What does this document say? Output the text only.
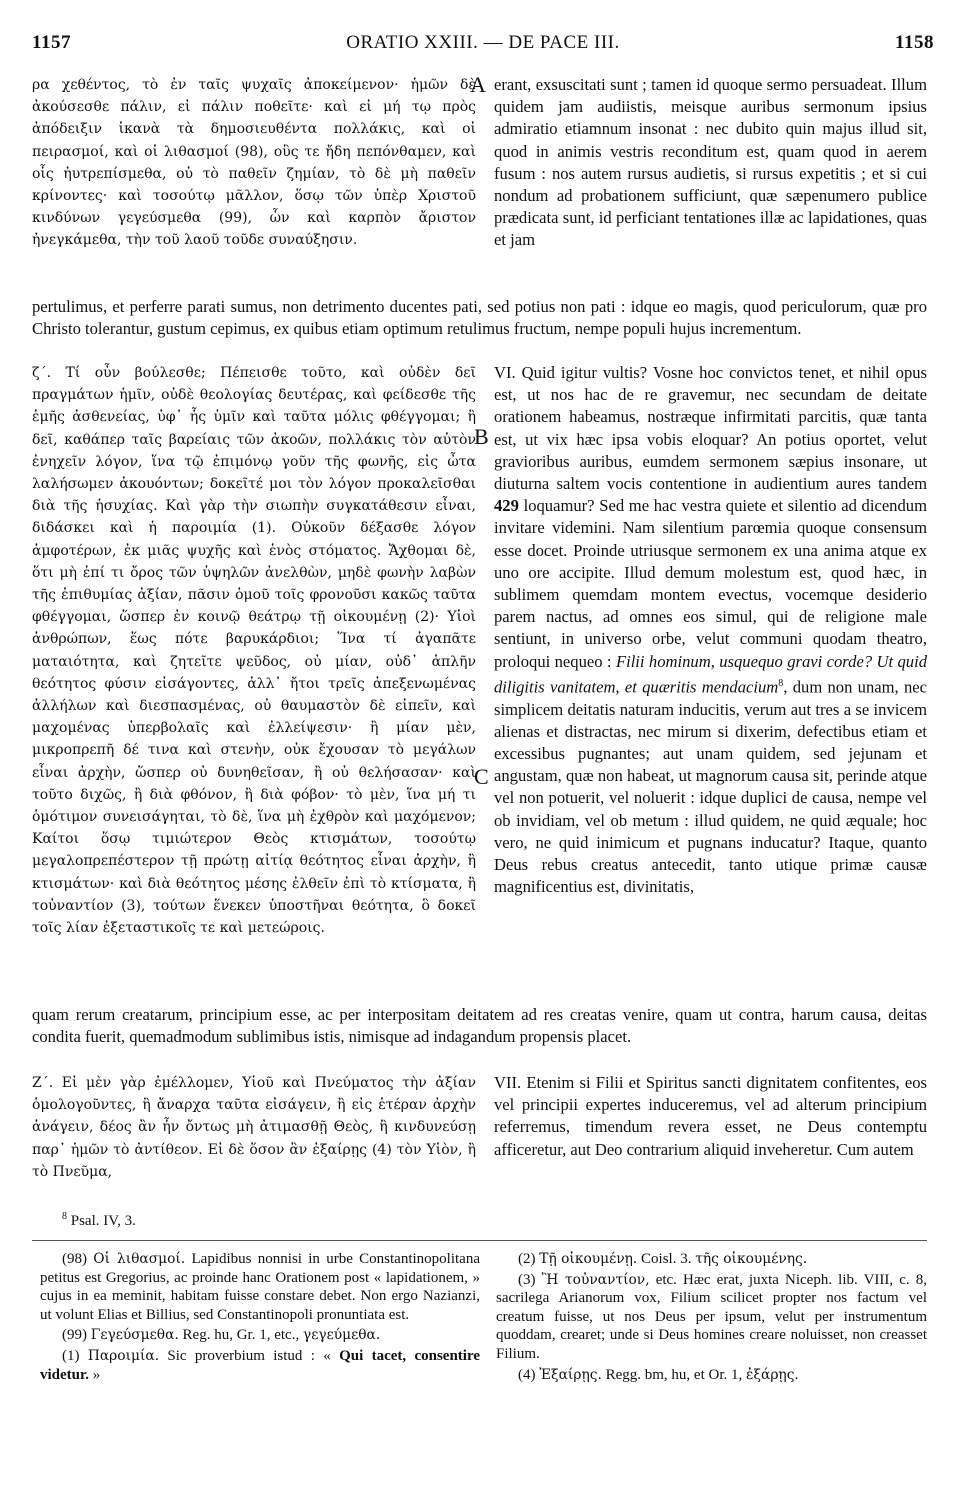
1157	ORATIO XXIII. — DE PACE III.	1158
ρα χεθέντος, τὸ ἐν ταῖς ψυχαῖς ἀποκείμενον· ἡμῶν δὲ ἀκούσεσθε πάλιν, εἰ πάλιν ποθεῖτε· καὶ εἰ μή τῳ πρὸς ἀπόδειξιν ἱκανὰ τὰ δημοσιευθέντα πολλάκις, καὶ οἱ πειρασμοί, καὶ οἱ λιθασμοί (98), οὓς τε ἤδη πεπόνθαμεν, καὶ οἷς ἠυτρεπίσμεθα, οὐ τὸ παθεῖν ζημίαν, τὸ δὲ μὴ παθεῖν κρίνοντες· καὶ τοσούτῳ μᾶλλον, ὅσῳ τῶν ὑπὲρ Χριστοῦ κινδύνων γεγεύσμεθα (99), ὧν καὶ καρπὸν ἄριστον ἠνεγκάμεθα, τὴν τοῦ λαοῦ τοῦδε συναύξησιν.
A erant, exsuscitati sunt ; tamen id quoque sermo persuadeat. Illum quidem jam audiistis, meisque auribus sermonum ipsius admiratio etiamnum insonat : nec dubito quin majus illud sit, quod in animis vestris reconditum est, quam quod in aerem fusum : nos autem rursus audietis, si rursus expetitis ; et si cui nondum ad probationem sufficiunt, quæ sæpenumero publice prædicata sunt, id perficiant tentationes illæ ac lapidationes, quas et jam
pertulimus, et perferre parati sumus, non detrimento ducentes pati, sed potius non pati : idque eo magis, quod periculorum, quæ pro Christo tolerantur, gustum cepimus, ex quibus etiam optimum retulimus fructum, nempe populi hujus incrementum.
ζ΄. Τί οὖν βούλεσθε; Πέπεισθε τοῦτο, καὶ οὐδὲν δεῖ πραγμάτων ἡμῖν, οὐδὲ θεολογίας δευτέρας, καὶ φείδεσθε τῆς ἐμῆς ἀσθενείας, ὑφ᾽ ἧς ὑμῖν καὶ ταῦτα μόλις φθέγγομαι; ἢ δεῖ, καθάπερ ταῖς βαρείαις τῶν ἀκοῶν, πολλάκις τὸν αὐτὸν ἐνηχεῖν λόγον, ἵνα τῷ ἐπιμόνῳ γοῦν τῆς φωνῆς, εἰς ὦτα λαλήσωμεν ἀκουόντων; δοκεῖτέ μοι τὸν λόγον προκαλεῖσθαι διὰ τῆς ἡσυχίας. Καὶ γὰρ τὴν σιωπὴν συγκατάθεσιν εἶναι, διδάσκει καὶ ἡ παροιμία (1). Οὐκοῦν δέξασθε λόγον ἀμφοτέρων, ἐκ μιᾶς ψυχῆς καὶ ἑνὸς στόματος. Ἄχθομαι δὲ, ὅτι μὴ ἐπί τι ὄρος τῶν ὑψηλῶν ἀνελθὼν, μηδὲ φωνὴν λαβὼν τῆς ἐπιθυμίας ἀξίαν, πᾶσιν ὁμοῦ τοῖς φρονοῦσι κακῶς ταῦτα φθέγγομαι, ὥσπερ ἐν κοινῷ θεάτρῳ τῇ οἰκουμένῃ (2)· Υἱοὶ ἀνθρώπων, ἕως πότε βαρυκάρδιοι; Ἵνα τί ἀγαπᾶτε ματαιότητα, καὶ ζητεῖτε ψεῦδος, οὐ μίαν, οὐδ᾽ ἁπλῆν θεότητος φύσιν εἰσάγοντες, ἀλλ᾽ ἤτοι τρεῖς ἀπεξενωμένας ἀλλήλων καὶ διεσπασμένας, οὐ θαυμαστὸν δὲ εἰπεῖν, καὶ μαχομένας ὑπερβολαῖς καὶ ἐλλείψεσιν· ἢ μίαν μὲν, μικροπρεπῆ δέ τινα καὶ στενὴν, οὐκ ἔχουσαν τὸ μεγάλων εἶναι ἀρχὴν, ὥσπερ οὐ δυνηθεῖσαν, ἢ οὐ θελήσασαν· καὶ τοῦτο διχῶς, ἢ διὰ φθόνον, ἢ διὰ φόβον· τὸ μὲν, ἵνα μή τι ὁμότιμον συνεισάγηται, τὸ δὲ, ἵνα μὴ ἐχθρὸν καὶ μαχόμενον; Καίτοι ὅσῳ τιμιώτερον Θεὸς κτισμάτων, τοσούτῳ μεγαλοπρεπέστερον τῇ πρώτῃ αἰτίᾳ θεότητος εἶναι ἀρχὴν, ἢ κτισμάτων· καὶ διὰ θεότητος μέσης ἐλθεῖν ἐπὶ τὸ κτίσματα, ἢ τοὐναντίον (3), τούτων ἕνεκεν ὑποστῆναι θεότητα, ὃ δοκεῖ τοῖς λίαν ἐξεταστικοῖς τε καὶ μετεώροις.
B
C
VI. Quid igitur vultis? Vosne hoc convictos tenet, et nihil opus est, ut nos hac de re gravemur, nec secundam de deitate orationem habeamus, nostræque infirmitati parcitis, quæ tanta est, ut vix hæc ipsa vobis eloquar? An potius oportet, velut gravioribus auribus, eumdem sermonem sæpius insonare, ut diuturna saltem vocis contentione in audientium aures tandem 429 loquamur? Sed me hac vestra quiete et silentio ad dicendum invitare videmini. Nam silentium parœmia quoque consensum esse docet. Proinde utriusque sermonem ex una anima atque ex uno ore accipite. Illud demum molestum est, quod hæc, in sublimem quemdam montem evectus, vocemque desiderio parem nactus, ad omnes eos simul, qui de religione male sentiunt, in universo orbe, velut communi quodam theatro, proloqui nequeo : Filii hominum, usquequo gravi corde? Ut quid diligitis vanitatem, et quæritis mendacium$^8$, dum non unam, nec simplicem deitatis naturam inducitis, verum aut tres a se invicem alienas et distractas, nec mirum si dixerim, defectibus etiam et excessibus pugnantes; aut unam quidem, sed jejunam et angustam, quæ non habeat, ut magnorum causa sit, perinde atque vel non potuerit, vel noluerit : idque duplici de causa, nempe vel ob invidiam, vel ob metum : illud quidem, ne quid æquale; hoc vero, ne quid inimicum et pugnans inducatur? Itaque, quanto Deus rebus creatus antecedit, tanto utique primæ causæ magnificentius est, divinitatis,
quam rerum creatarum, principium esse, ac per interpositam deitatem ad res creatas venire, quam ut contra, harum causa, deitas condita fuerit, quemadmodum sublimibus istis, nimisque ad indagandum propensis placet.
Ζ΄. Εἰ μὲν γὰρ ἐμέλλομεν, Υἱοῦ καὶ Πνεύματος τὴν ἀξίαν ὁμολογοῦντες, ἢ ἄναρχα ταῦτα εἰσάγειν, ἢ εἰς ἑτέραν ἀρχὴν ἀνάγειν, δέος ἂν ἦν ὄντως μὴ ἀτιμασθῇ Θεὸς, ἢ κινδυνεύσῃ παρ᾽ ἡμῶν τὸ ἀντίθεον. Εἰ δὲ ὅσον ἂν ἐξαίρῃς (4) τὸν Υἱὸν, ἢ τὸ Πνεῦμα,
VII. Etenim si Filii et Spiritus sancti dignitatem confitentes, eos vel principii expertes induceremus, vel ad alterum principium referremus, timendum revera esset, ne Deus contemptu afficeretur, aut Deo contrarium aliquid inveheretur. Cum autem
$^8$ Psal. IV, 3.

(98) Οἱ λιθασμοί. Lapidibus nonnisi in urbe Constantinopolitana petitus est Gregorius, ac proinde hanc Orationem post « lapidationem, » cujus in ea meminit, habitam fuisse constare debet. Non ergo Nazianzi, ut volunt Elias et Billius, sed Constantinopoli pronuntiata est.

(99) Γεγεύσμεθα. Reg. hu, Gr. 1, etc., γεγεύμεθα.

(1) Παροιμία. Sic proverbium istud : « Qui tacet, consentire videtur. »

(2) Τῇ οἰκουμένῃ. Coisl. 3. τῆς οἰκουμένης.

(3) Ἢ τοὐναντίον, etc. Hæc erat, juxta Niceph. lib. VIII, c. 8, sacrilega Arianorum vox, Filium scilicet propter nos factum vel creatum fuisse, ut nos Deus per ipsum, velut per instrumentum quoddam, crearet; unde si Deus homines creare noluisset, non creasset Filium.

(4) Ἐξαίρῃς. Regg. bm, hu, et Or. 1, ἐξάρῃς.
